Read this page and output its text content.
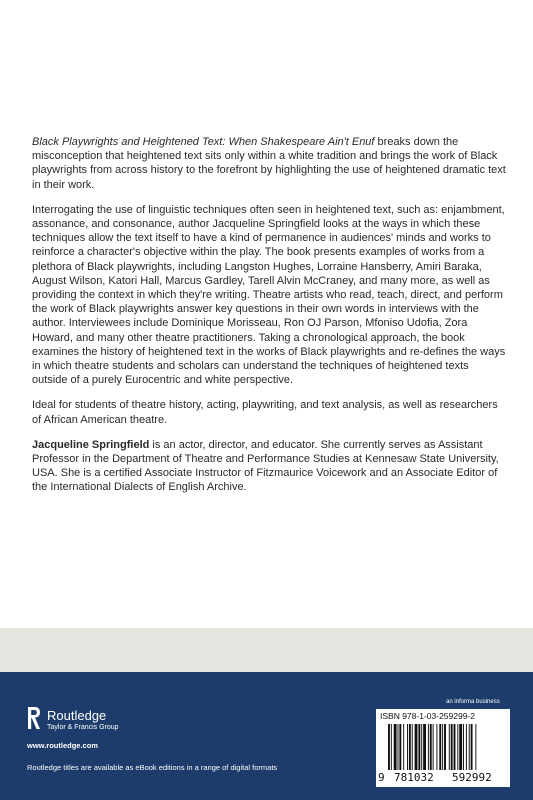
Black Playwrights and Heightened Text: When Shakespeare Ain't Enuf breaks down the misconception that heightened text sits only within a white tradition and brings the work of Black playwrights from across history to the forefront by highlighting the use of heightened dramatic text in their work.

Interrogating the use of linguistic techniques often seen in heightened text, such as: enjambment, assonance, and consonance, author Jacqueline Springfield looks at the ways in which these techniques allow the text itself to have a kind of permanence in audiences' minds and works to reinforce a character's objective within the play. The book presents examples of works from a plethora of Black playwrights, including Langston Hughes, Lorraine Hansberry, Amiri Baraka, August Wilson, Katori Hall, Marcus Gardley, Tarell Alvin McCraney, and many more, as well as providing the context in which they're writing. Theatre artists who read, teach, direct, and perform the work of Black playwrights answer key questions in their own words in interviews with the author. Interviewees include Dominique Morisseau, Ron OJ Parson, Mfoniso Udofia, Zora Howard, and many other theatre practitioners. Taking a chronological approach, the book examines the history of heightened text in the works of Black playwrights and re-defines the ways in which theatre students and scholars can understand the techniques of heightened texts outside of a purely Eurocentric and white perspective.

Ideal for students of theatre history, acting, playwriting, and text analysis, as well as researchers of African American theatre.

Jacqueline Springfield is an actor, director, and educator. She currently serves as Assistant Professor in the Department of Theatre and Performance Studies at Kennesaw State University, USA. She is a certified Associate Instructor of Fitzmaurice Voicework and an Associate Editor of the International Dialects of English Archive.

Routledge
Taylor & Francis Group
www.routledge.com
Routledge titles are available as eBook editions in a range of digital formats
an informa business
ISBN 978-1-03-259299-2
9 781032 592992
